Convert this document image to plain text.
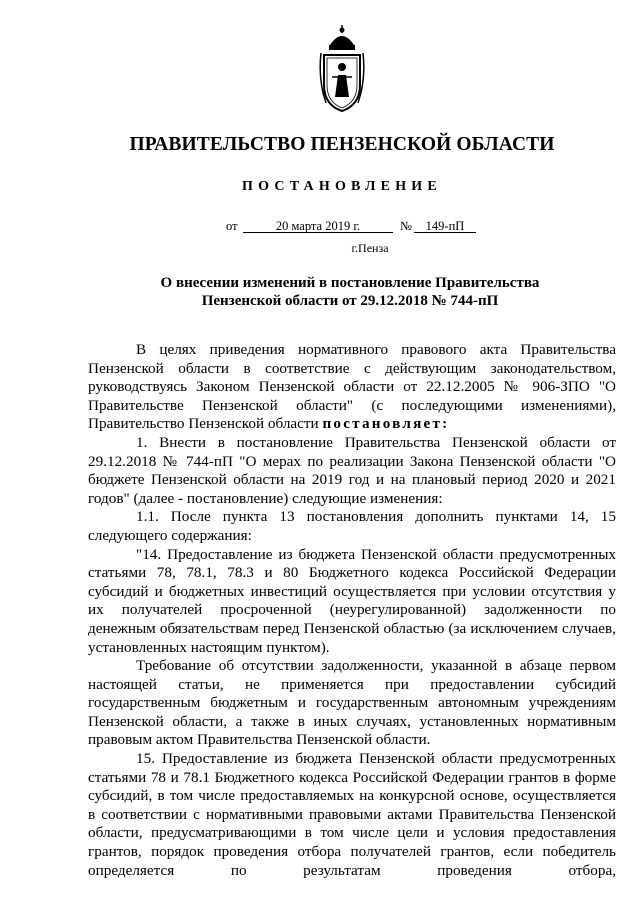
ПРАВИТЕЛЬСТВО ПЕНЗЕНСКОЙ ОБЛАСТИ
ПОСТАНОВЛЕНИЕ
от	20 марта 2019 г.	№	149-пП
г.Пенза
О внесении изменений в постановление Правительства
Пензенской области от 29.12.2018 № 744-пП

В целях приведения нормативного правового акта Правительства Пензенской области в соответствие с действующим законодательством, руководствуясь Законом Пензенской области от 22.12.2005 № 906-ЗПО "О Правительстве Пензенской области" (с последующими изменениями), Правительство Пензенской области постановляет:

1. Внести в постановление Правительства Пензенской области от 29.12.2018 № 744-пП "О мерах по реализации Закона Пензенской области "О бюджете Пензенской области на 2019 год и на плановый период 2020 и 2021 годов" (далее - постановление) следующие изменения:

1.1. После пункта 13 постановления дополнить пунктами 14, 15 следующего содержания:

"14. Предоставление из бюджета Пензенской области предусмотренных статьями 78, 78.1, 78.3 и 80 Бюджетного кодекса Российской Федерации субсидий и бюджетных инвестиций осуществляется при условии отсутствия у их получателей просроченной (неурегулированной) задолженности по денежным обязательствам перед Пензенской областью (за исключением случаев, установленных настоящим пунктом).

Требование об отсутствии задолженности, указанной в абзаце первом настоящей статьи, не применяется при предоставлении субсидий государственным бюджетным и государственным автономным учреждениям Пензенской области, а также в иных случаях, установленных нормативным правовым актом Правительства Пензенской области.

15. Предоставление из бюджета Пензенской области предусмотренных статьями 78 и 78.1 Бюджетного кодекса Российской Федерации грантов в форме субсидий, в том числе предоставляемых на конкурсной основе, осуществляется в соответствии с нормативными правовыми актами Правительства Пензенской области, предусматривающими в том числе цели и условия предоставления грантов, порядок проведения отбора получателей грантов, если победитель определяется по результатам проведения отбора,
